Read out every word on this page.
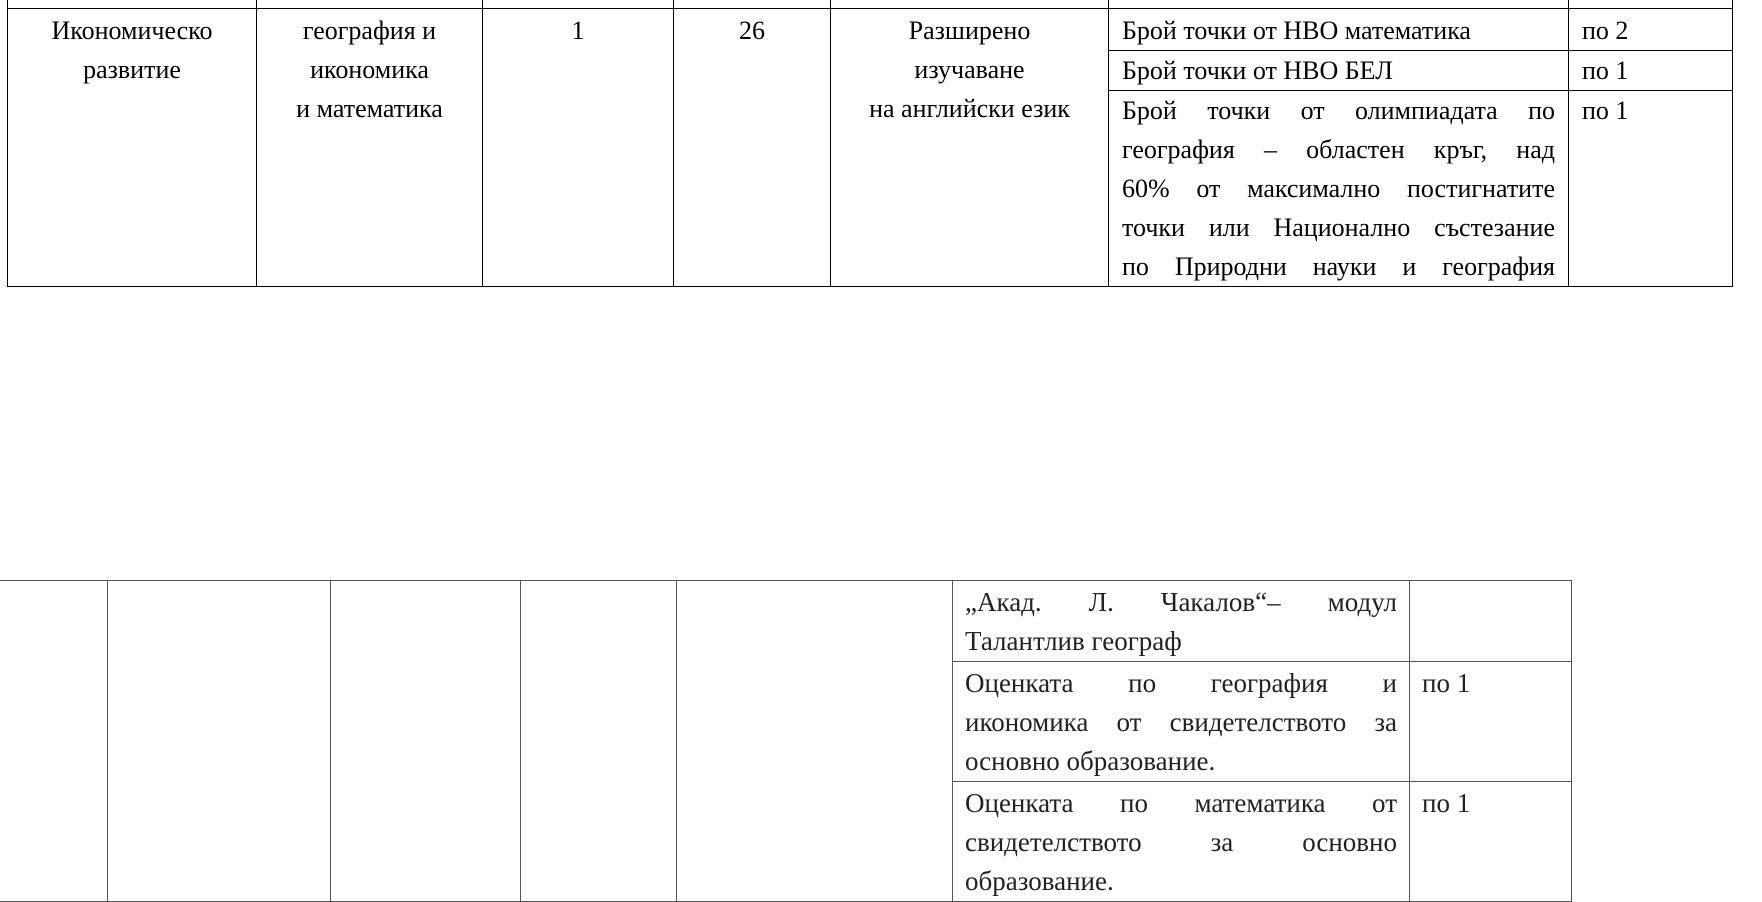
Икономическо
развитие	география и
икономика
и математика	1	26	Разширено
изучаване
на английски език	Брой точки от НВО математика	по 2
					Брой точки от НВО БЕЛ	по 1

					Брой точки от олимпиадата по
география – областен кръг, над
60% от максимално постигнатите
точки или Национално състезание
по Природни науки и география	по 1

					„Акад. Л. Чакалов“– модул
Талантлив географ	

					Оценката по география и
икономика от свидетелството за
основно образование.	по 1

					Оценката по математика от
свидетелството за основно
образование.	по 1
